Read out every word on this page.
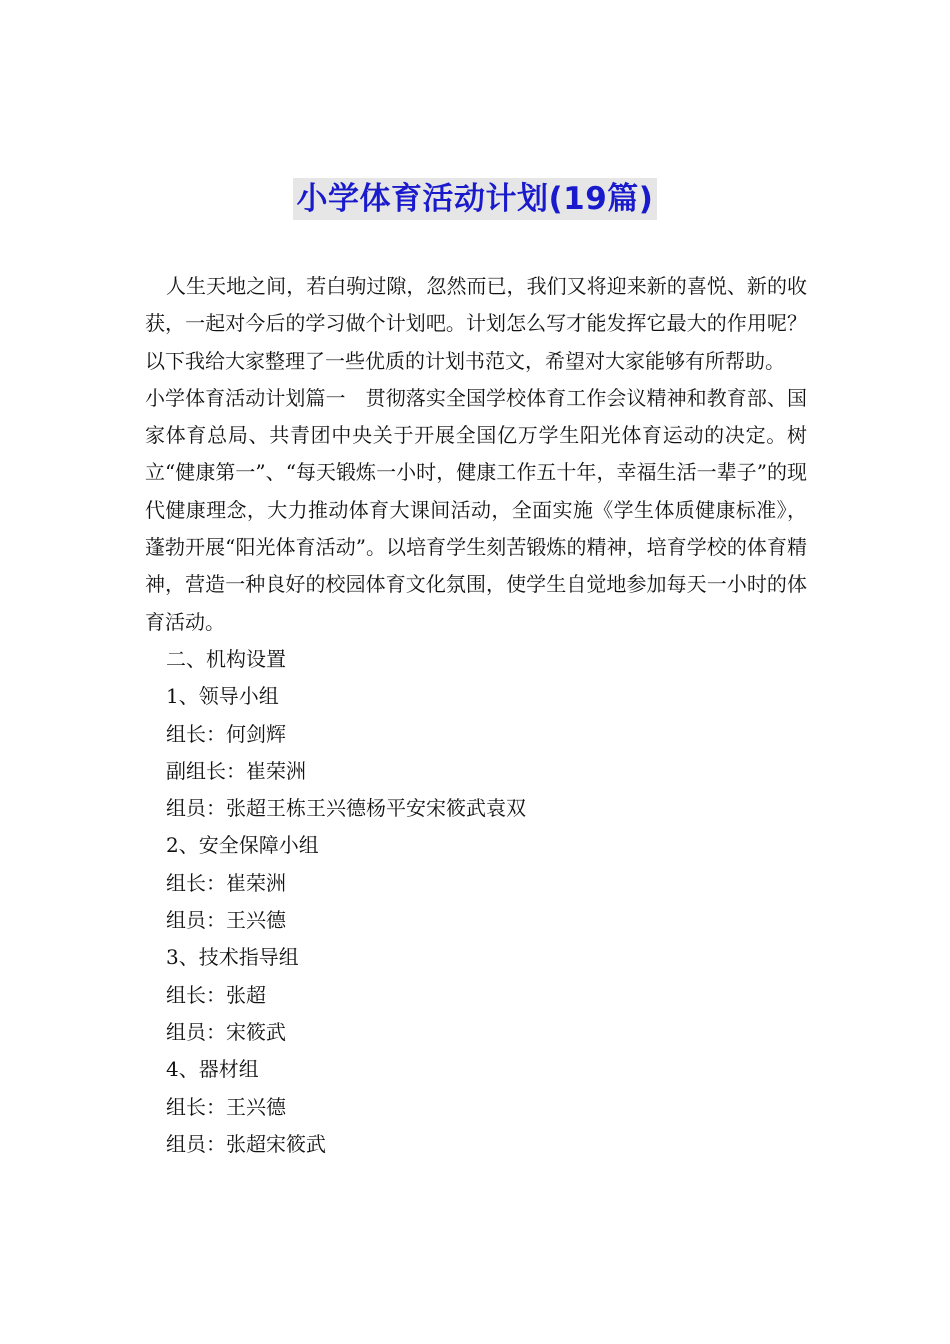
小学体育活动计划(19篇)

人生天地之间，若白驹过隙，忽然而已，我们又将迎来新的喜悦、新的收获，一起对今后的学习做个计划吧。计划怎么写才能发挥它最大的作用呢？以下我给大家整理了一些优质的计划书范文，希望对大家能够有所帮助。

小学体育活动计划篇一　贯彻落实全国学校体育工作会议精神和教育部、国家体育总局、共青团中央关于开展全国亿万学生阳光体育运动的决定。树立“健康第一”、“每天锻炼一小时，健康工作五十年，幸福生活一辈子”的现代健康理念，大力推动体育大课间活动，全面实施《学生体质健康标准》，蓬勃开展“阳光体育活动”。以培育学生刻苦锻炼的精神，培育学校的体育精神，营造一种良好的校园体育文化氛围，使学生自觉地参加每天一小时的体育活动。

二、机构设置

1、领导小组

组长：何剑辉

副组长：崔荣洲

组员：张超王栋王兴德杨平安宋筱武袁双

2、安全保障小组

组长：崔荣洲

组员：王兴德

3、技术指导组

组长：张超

组员：宋筱武

4、器材组

组长：王兴德

组员：张超宋筱武
